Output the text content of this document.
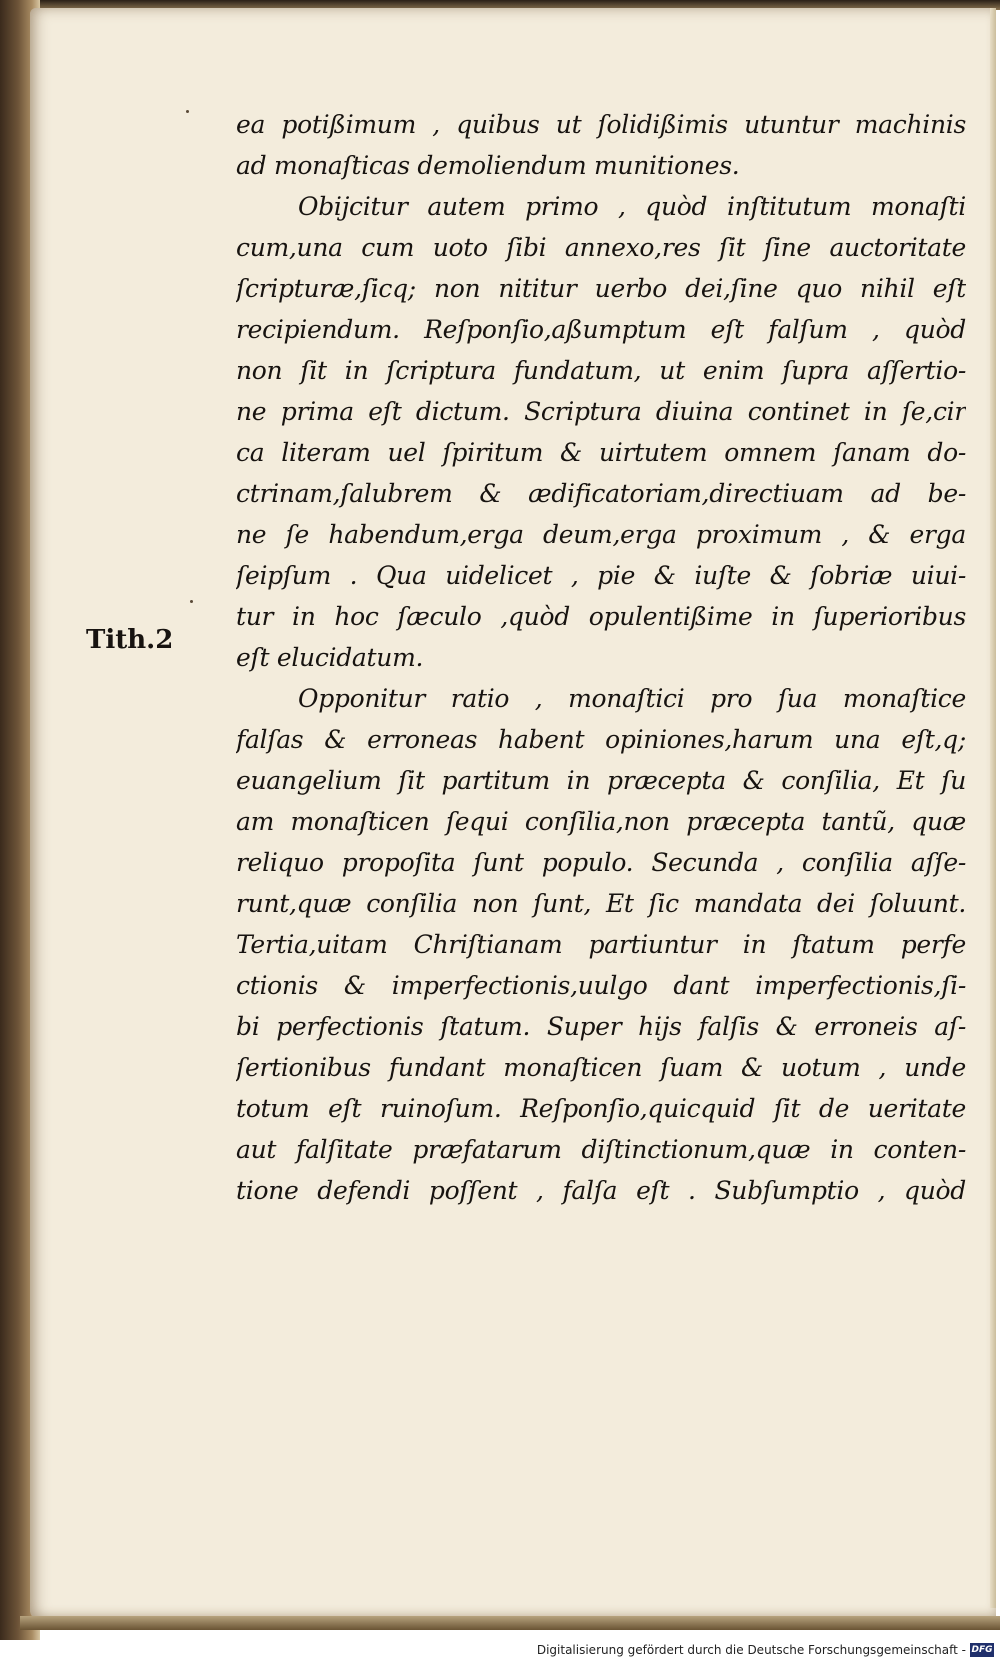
Tith.2
ea potißimum , quibus ut ſolidißimis utuntur machinis
ad monaſticas demoliendum munitiones.
Obijcitur autem primo , quòd inſtitutum monaſti
cum,una cum uoto ſibi annexo,res ſit ſine auctoritate
ſcripturæ,ſicq; non nititur uerbo dei,ſine quo nihil eſt
recipiendum. Reſponſio,aßumptum eſt falſum , quòd
non ſit in ſcriptura fundatum, ut enim ſupra aſſertio-
ne prima eſt dictum. Scriptura diuina continet in ſe,cir
ca literam uel ſpiritum & uirtutem omnem ſanam do-
ctrinam,ſalubrem & ædificatoriam,directiuam ad be-
ne ſe habendum,erga deum,erga proximum , & erga
ſeipſum . Qua uidelicet , pie & iuſte & ſobriæ uiui-
tur in hoc ſæculo ,quòd opulentißime in ſuperioribus
eſt elucidatum.
Opponitur ratio , monaſtici pro ſua monaſtice
falſas & erroneas habent opiniones,harum una eſt,q;
euangelium ſit partitum in præcepta & conſilia, Et ſu
am monaſticen ſequi conſilia,non præcepta tantũ, quæ
reliquo propoſita ſunt populo. Secunda , conſilia aſſe-
runt,quæ conſilia non ſunt, Et ſic mandata dei ſoluunt.
Tertia,uitam Chriſtianam partiuntur in ſtatum perfe
ctionis & imperfectionis,uulgo dant imperfectionis,ſi-
bi perfectionis ſtatum. Super hijs falſis & erroneis aſ-
ſertionibus fundant monaſticen ſuam & uotum , unde
totum eſt ruinoſum. Reſponſio,quicquid ſit de ueritate
aut falſitate præfatarum diſtinctionum,quæ in conten-
tione defendi poſſent , falſa eſt . Subſumptio , quòd
Digitalisierung gefördert durch die Deutsche Forschungsgemeinschaft - DFG
